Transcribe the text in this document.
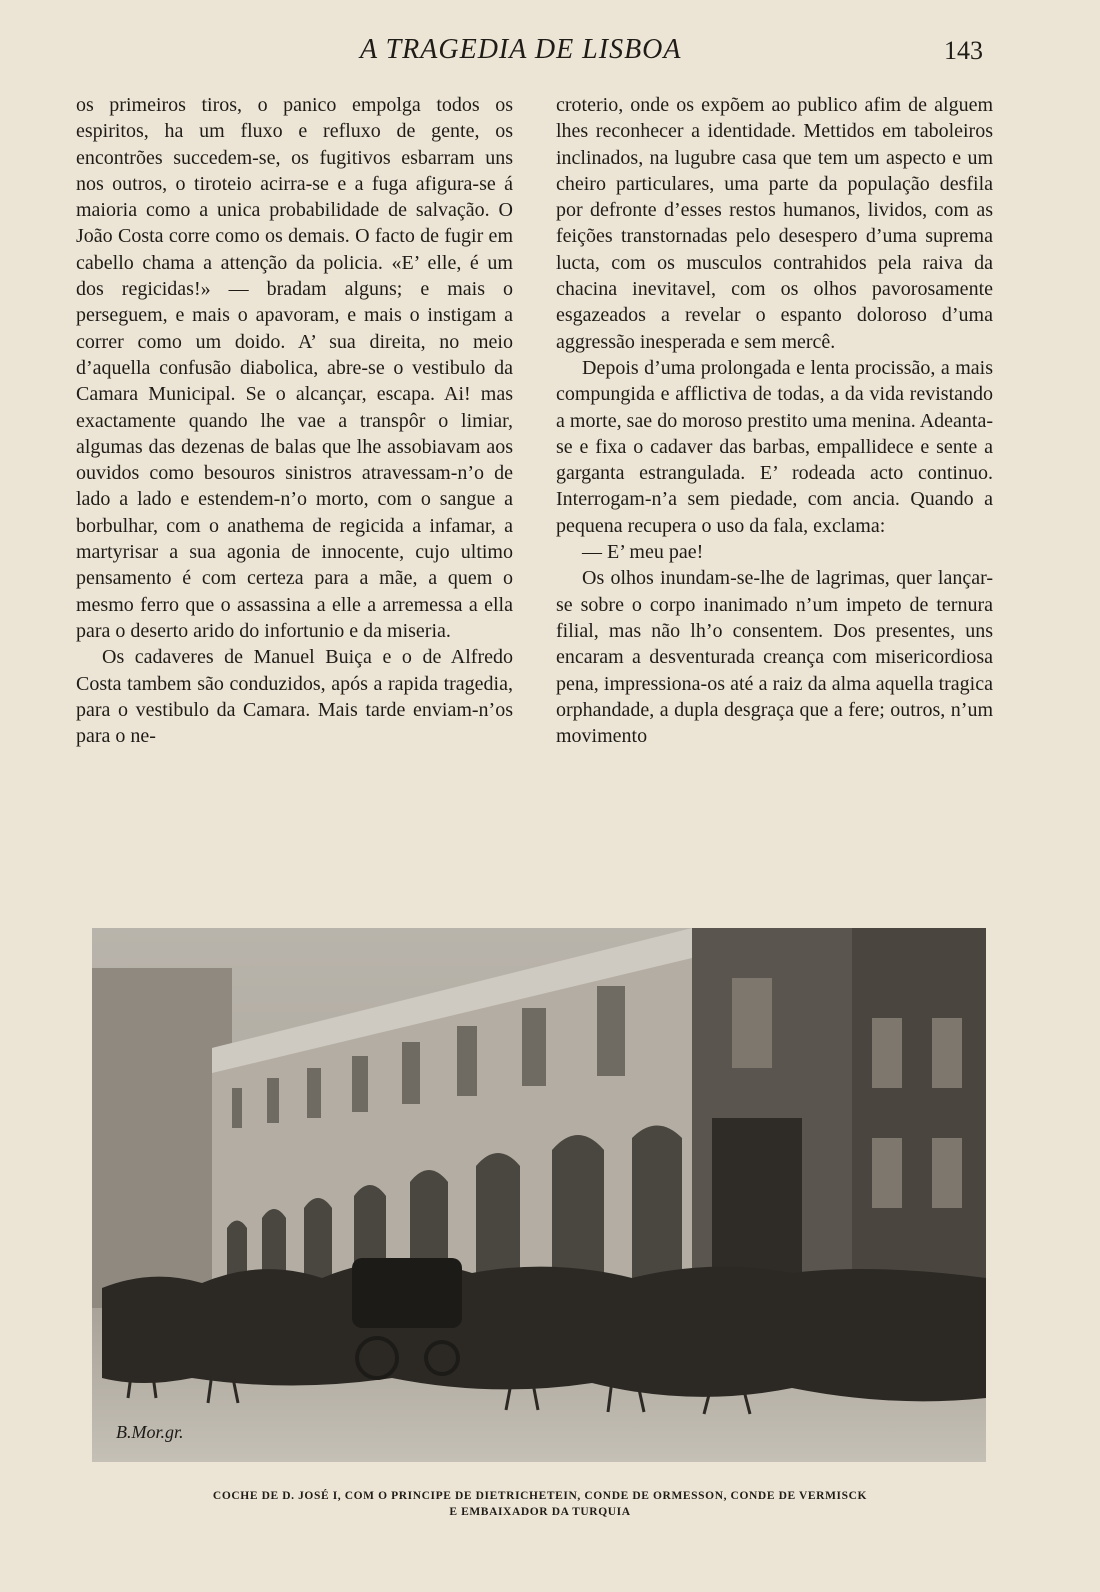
A TRAGEDIA DE LISBOA	143

os primeiros tiros, o panico empolga todos os espiritos, ha um fluxo e refluxo de gente, os encontrões succedem-se, os fugitivos esbarram uns nos outros, o tiroteio acirra-se e a fuga afigura-se á maioria como a unica probabilidade de salvação. O João Costa corre como os demais. O facto de fugir em cabello chama a attenção da policia. «E’ elle, é um dos regicidas!» — bradam alguns; e mais o perseguem, e mais o apavoram, e mais o instigam a correr como um doido. A’ sua direita, no meio d’aquella confusão diabolica, abre-se o vestibulo da Camara Municipal. Se o alcançar, escapa. Ai! mas exactamente quando lhe vae a transpôr o limiar, algumas das dezenas de balas que lhe assobiavam aos ouvidos como besouros sinistros atravessam-n’o de lado a lado e estendem-n’o morto, com o sangue a borbulhar, com o anathema de regicida a infamar, a martyrisar a sua agonia de innocente, cujo ultimo pensamento é com certeza para a mãe, a quem o mesmo ferro que o assassina a elle a arremessa a ella para o deserto arido do infortunio e da miseria.

Os cadaveres de Manuel Buiça e o de Alfredo Costa tambem são conduzidos, após a rapida tragedia, para o vestibulo da Camara. Mais tarde enviam-n’os para o ne-

croterio, onde os expõem ao publico afim de alguem lhes reconhecer a identidade. Mettidos em taboleiros inclinados, na lugubre casa que tem um aspecto e um cheiro particulares, uma parte da população desfila por defronte d’esses restos humanos, lividos, com as feições transtornadas pelo desespero d’uma suprema lucta, com os musculos contrahidos pela raiva da chacina inevitavel, com os olhos pavorosamente esgazeados a revelar o espanto doloroso d’uma aggressão inesperada e sem mercê.

Depois d’uma prolongada e lenta procissão, a mais compungida e afflictiva de todas, a da vida revistando a morte, sae do moroso prestito uma menina. Adeanta-se e fixa o cadaver das barbas, empallidece e sente a garganta estrangulada. E’ rodeada acto continuo. Interrogam-n’a sem piedade, com ancia. Quando a pequena recupera o uso da fala, exclama:

— E’ meu pae!

Os olhos inundam-se-lhe de lagrimas, quer lançar-se sobre o corpo inanimado n’um impeto de ternura filial, mas não lh’o consentem. Dos presentes, uns encaram a desventurada creança com misericordiosa pena, impressiona-os até a raiz da alma aquella tragica orphandade, a dupla desgraça que a fere; outros, n’um movimento

B.Mor.gr.
COCHE DE D. JOSÉ I, COM O PRINCIPE DE DIETRICHETEIN, CONDE DE ORMESSON, CONDE DE VERMISCK
E EMBAIXADOR DA TURQUIA
